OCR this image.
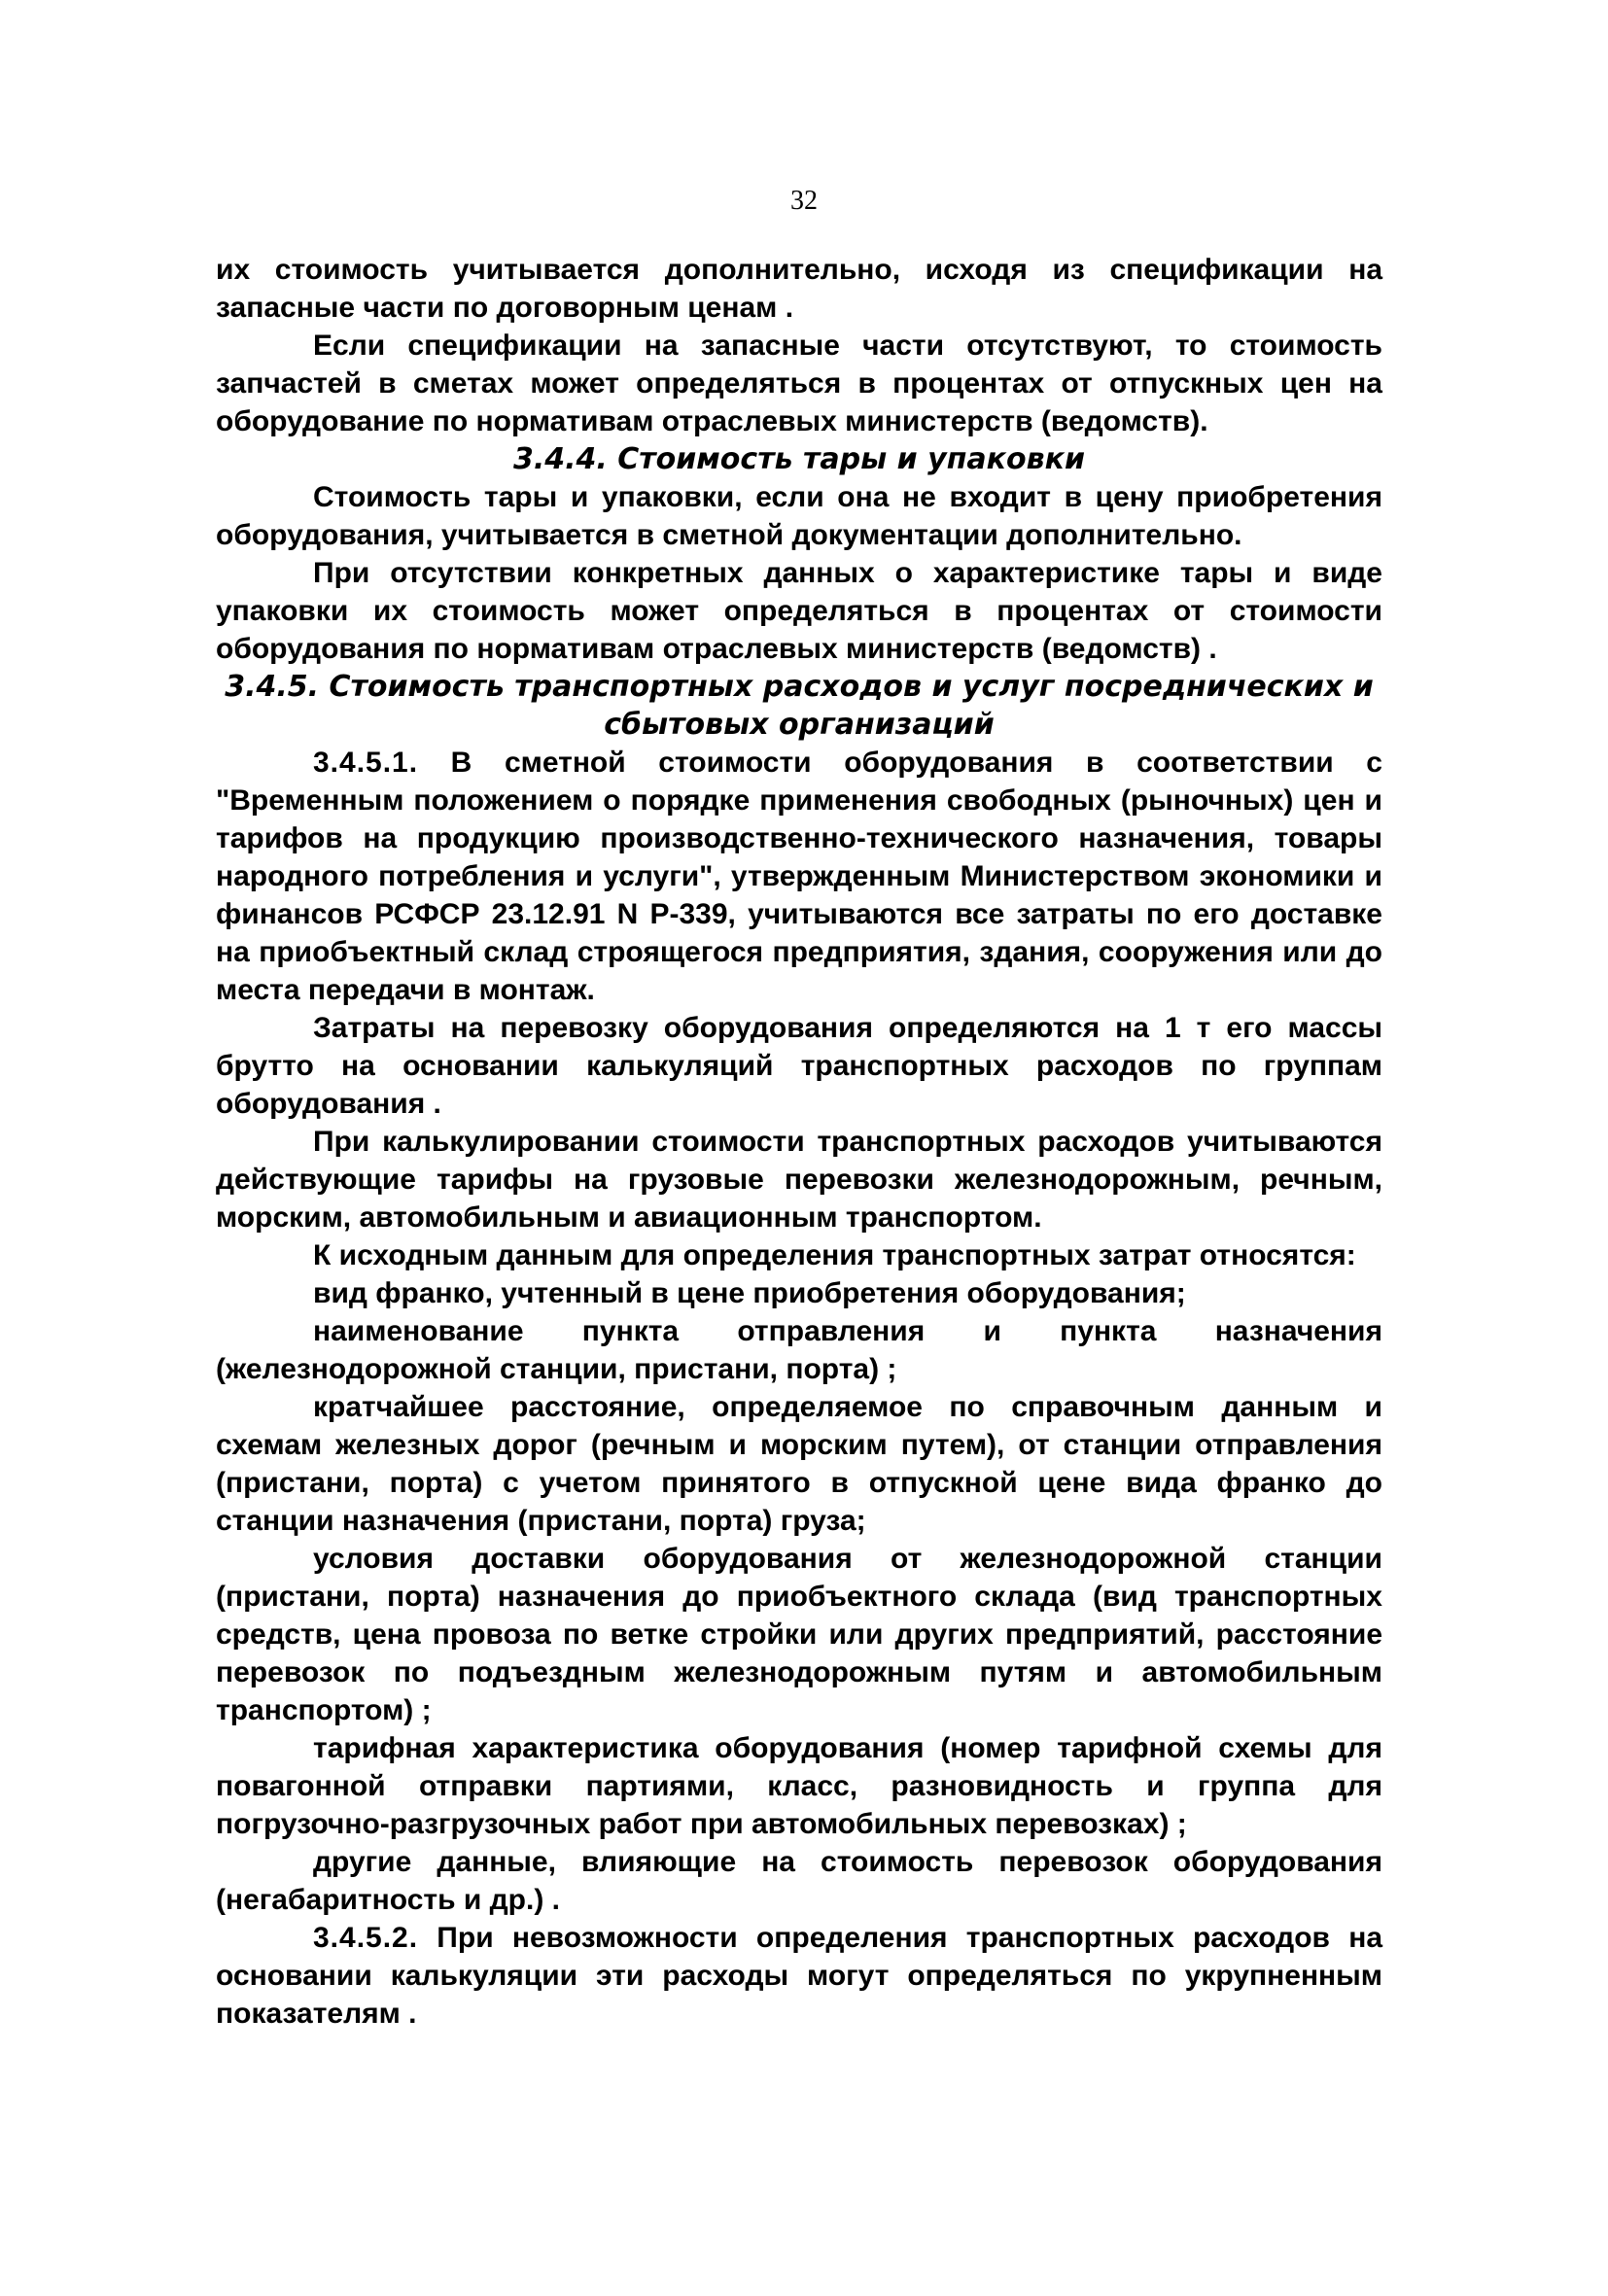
32

их стоимость учитывается дополнительно, исходя из спецификации на запасные части по договорным ценам .

Если спецификации на запасные части отсутствуют, то стоимость запчастей в сметах может определяться в процентах от отпускных цен на оборудование по нормативам отраслевых министерств (ведомств).

3.4.4. Стоимость тары и упаковки

Стоимость тары и упаковки, если она не входит в цену приобретения оборудования, учитывается в сметной документации дополнительно.

При отсутствии конкретных данных о характеристике тары и виде упаковки их стоимость может определяться в процентах от стоимости оборудования по нормативам отраслевых министерств (ведомств) .

3.4.5. Стоимость транспортных расходов и услуг посреднических и сбытовых организаций

3.4.5.1. В сметной стоимости оборудования в соответствии с "Временным положением о порядке применения свободных (рыночных) цен и тарифов на продукцию производственно-технического назначения, товары народного потребления и услуги", утвержденным Министерством экономики и финансов РСФСР 23.12.91 N Р-339, учитываются все затраты по его доставке на приобъектный склад строящегося предприятия, здания, сооружения или до места передачи в монтаж.

Затраты на перевозку оборудования определяются на 1 т его массы брутто на основании калькуляций транспортных расходов по группам оборудования .

При калькулировании стоимости транспортных расходов учитываются действующие тарифы на грузовые перевозки железнодорожным, речным, морским, автомобильным и авиационным транспортом.

К исходным данным для определения транспортных затрат относятся:

вид франко, учтенный в цене приобретения оборудования;

наименование пункта отправления и пункта назначения (железнодорожной станции, пристани, порта) ;

кратчайшее расстояние, определяемое по справочным данным и схемам железных дорог (речным и морским путем), от станции отправления (пристани, порта) с учетом принятого в отпускной цене вида франко до станции назначения (пристани, порта) груза;

условия доставки оборудования от железнодорожной станции (пристани, порта) назначения до приобъектного склада (вид транспортных средств, цена провоза по ветке стройки или других предприятий, расстояние перевозок по подъездным железнодорожным путям и автомобильным транспортом) ;

тарифная характеристика оборудования (номер тарифной схемы для повагонной отправки партиями, класс, разновидность и группа для погрузочно-разгрузочных работ при автомобильных перевозках) ;

другие данные, влияющие на стоимость перевозок оборудования (негабаритность и др.) .

3.4.5.2. При невозможности определения транспортных расходов на основании калькуляции эти расходы могут определяться по укрупненным показателям .
